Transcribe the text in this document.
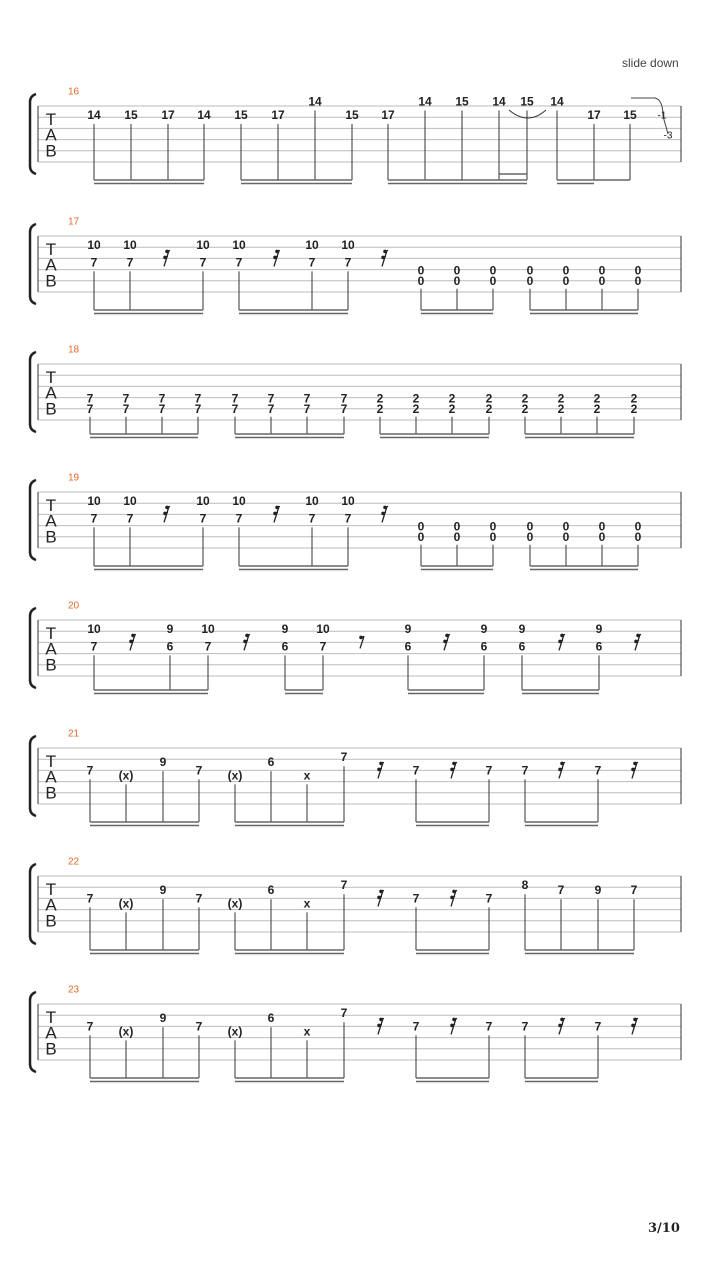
slide down
3/10
T
A
B
16
14 15 17 14 15 17
14
15 17
14 15 14 15 14
17 15 -1
-3
T
A
B
17
10
7
10
7
10
7
10
7
10
7
10
7
0
0
0
0
0
0
0
0
0
0
0
0
0
0
T
A
B
19
10
7
10
7
10
7
10
7
10
7
10
7
0
0
0
0
0
0
0
0
0
0
0
0
0
0
T
A
B
18
7
7
7
7
7
7
7
7
7
7
7
7
7
7
7
7
2
2
2
2
2
2
2
2
2
2
2
2
2
2
2
2
T
A
B
20
10
7
9
6
10
7
9
6
10
7
9
6
9
6
9
6
9
6
T
A
B
21
7 (x)
9
7 (x)
6
x
7
7	7 7	7
T
A
B
22
7 (x)
9
7 (x)
6
x
7
7	7
8 7	9 7
T
A
B
23
7 (x)
9
7 (x)
6
x
7
7	7 7	7
